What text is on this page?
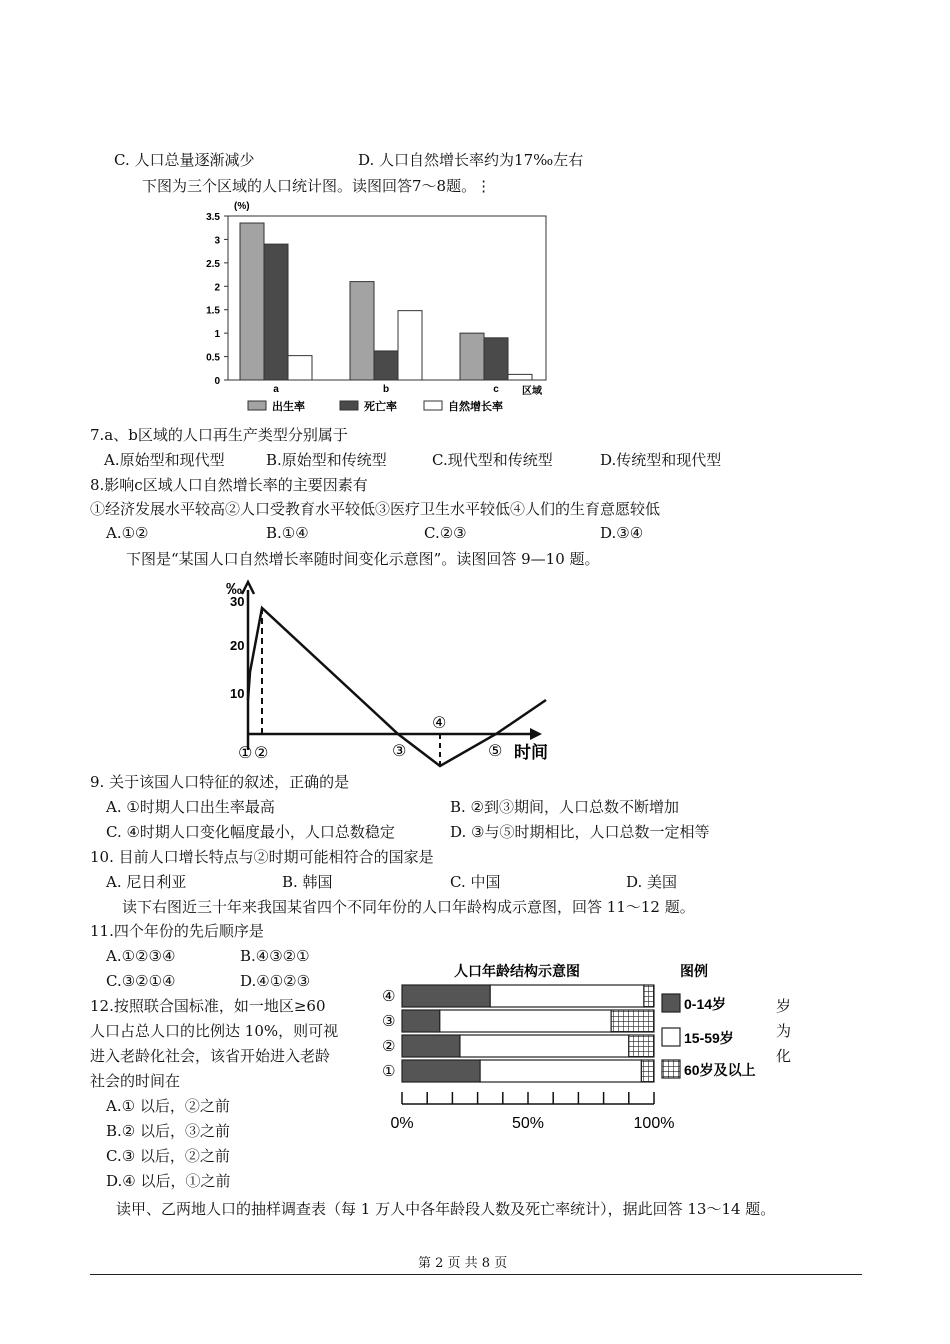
C. 人口总量逐渐减少	D. 人口自然增长率约为17‰左右
下图为三个区域的人口统计图。读图回答7～8题。⋮
(%)
0
0.5
1
1.5
2
2.5
3
3.5
a	b	c 区域
出生率	死亡率	自然增长率
7.a、b区域的人口再生产类型分别属于
A.原始型和现代型	B.原始型和传统型	C.现代型和传统型	D.传统型和现代型
8.影响c区域人口自然增长率的主要因素有
①经济发展水平较高②人口受教育水平较低③医疗卫生水平较低④人们的生育意愿较低
A.①②	B.①④	C.②③	D.③④
下图是“某国人口自然增长率随时间变化示意图”。读图回答 9—10 题。
‰
30
20
10
① ②	③
④
⑤ 时间
9. 关于该国人口特征的叙述，正确的是
A. ①时期人口出生率最高	B. ②到③期间，人口总数不断增加
C. ④时期人口变化幅度最小，人口总数稳定	D. ③与⑤时期相比，人口总数一定相等
10. 目前人口增长特点与②时期可能相符合的国家是
A. 尼日利亚	B. 韩国	C. 中国	D. 美国
读下右图近三十年来我国某省四个不同年份的人口年龄构成示意图，回答 11～12 题。
11.四个年份的先后顺序是
A.①②③④	B.④③②①
C.③②①④	D.④①②③
12.按照联合国标准，如一地区≥60
人口占总人口的比例达 10%，则可视
进入老龄化社会，该省开始进入老龄
社会的时间在
A.① 以后，②之前
B.② 以后，③之前
C.③ 以后，②之前
D.④ 以后，①之前
岁
为
化
人口年龄结构示意图	图例
④
③
②
①
0%	50%	100%
0-14岁
15-59岁
60岁及以上
读甲、乙两地人口的抽样调查表（每 1 万人中各年龄段人数及死亡率统计），据此回答 13～14 题。
第 2 页 共 8 页
